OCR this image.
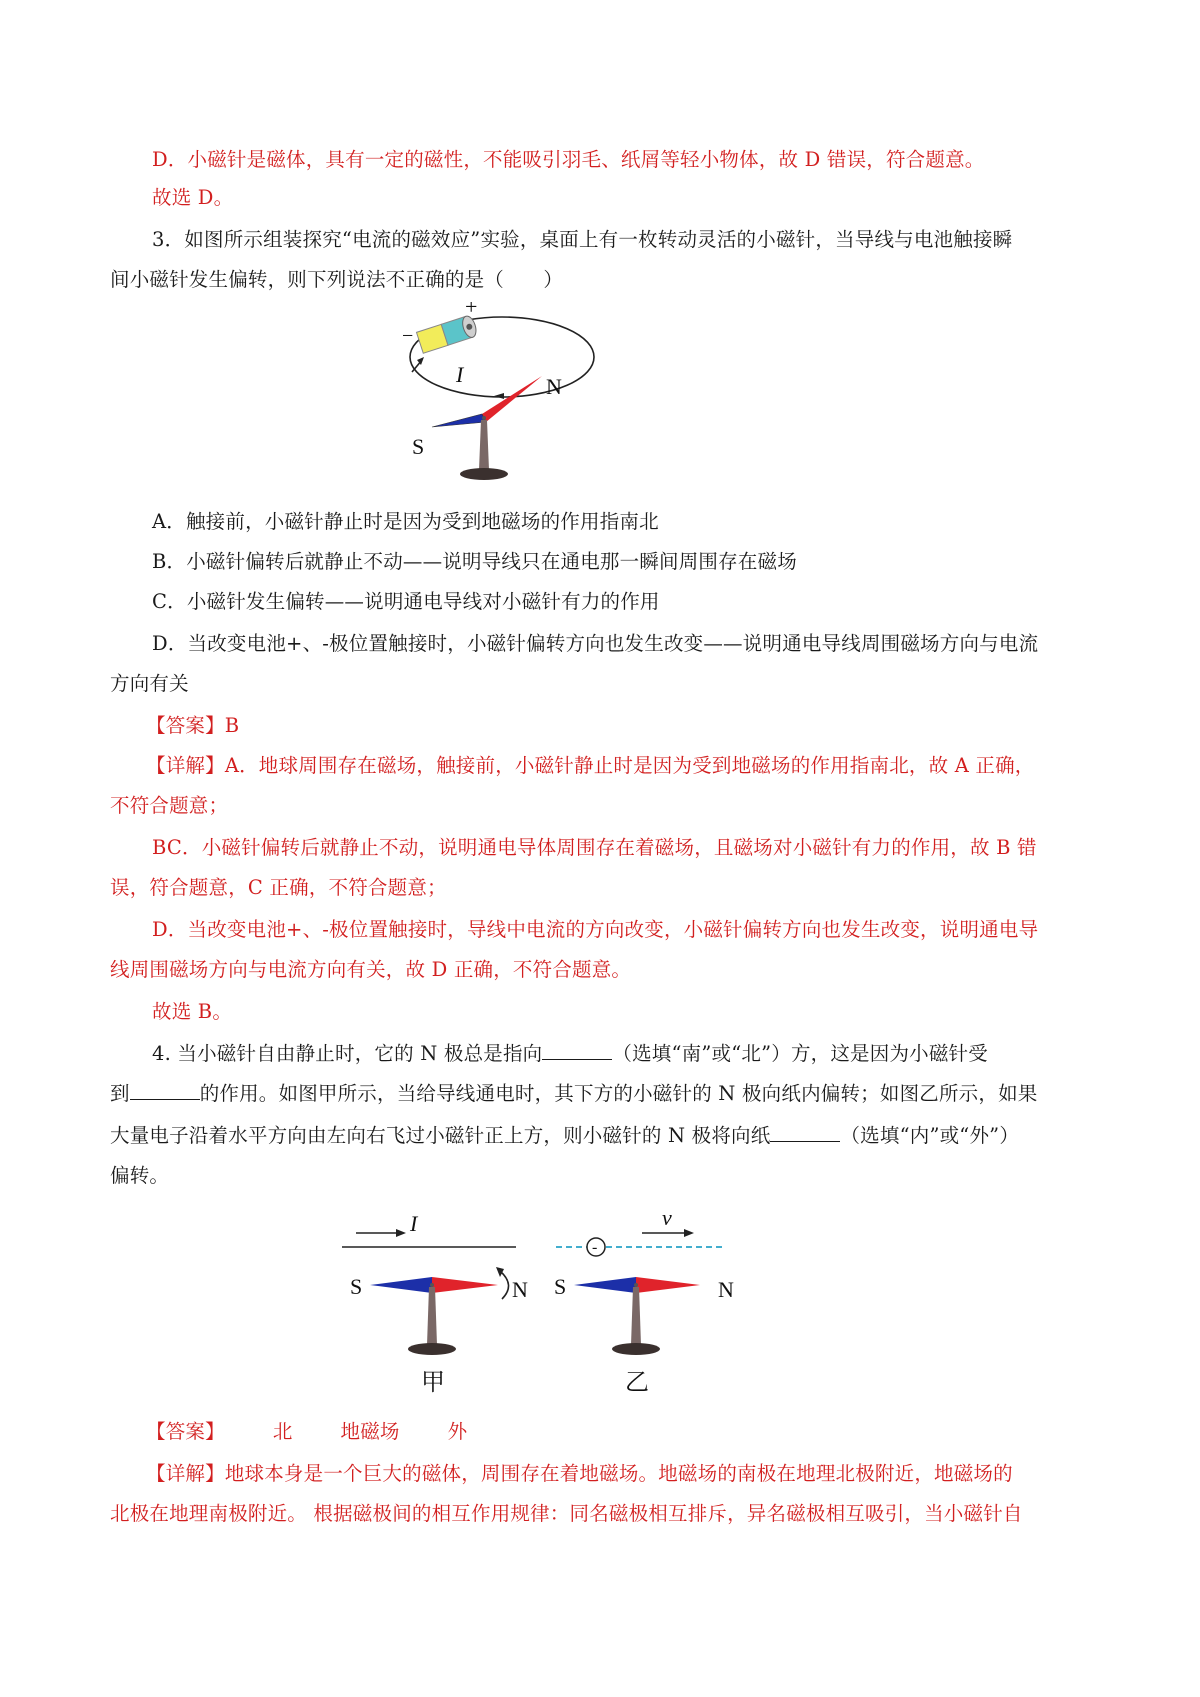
D．小磁针是磁体，具有一定的磁性，不能吸引羽毛、纸屑等轻小物体，故 D 错误，符合题意。
故选 D。
3．如图所示组装探究“电流的磁效应”实验，桌面上有一枚转动灵活的小磁针，当导线与电池触接瞬
间小磁针发生偏转，则下列说法不正确的是（　　）
+
−
I	N
S
A．触接前，小磁针静止时是因为受到地磁场的作用指南北
B．小磁针偏转后就静止不动——说明导线只在通电那一瞬间周围存在磁场
C．小磁针发生偏转——说明通电导线对小磁针有力的作用
D．当改变电池+、-极位置触接时，小磁针偏转方向也发生改变——说明通电导线周围磁场方向与电流
方向有关
【答案】B
【详解】A．地球周围存在磁场，触接前，小磁针静止时是因为受到地磁场的作用指南北，故 A 正确，
不符合题意；
BC．小磁针偏转后就静止不动，说明通电导体周围存在着磁场，且磁场对小磁针有力的作用，故 B 错
误，符合题意，C 正确，不符合题意；
D．当改变电池+、-极位置触接时，导线中电流的方向改变，小磁针偏转方向也发生改变，说明通电导
线周围磁场方向与电流方向有关，故 D 正确，不符合题意。
故选 B。
4. 当小磁针自由静止时，它的 N 极总是指向	（选填“南”或“北”）方，这是因为小磁针受
到	的作用。如图甲所示，当给导线通电时，其下方的小磁针的 N 极向纸内偏转；如图乙所示，如果
大量电子沿着水平方向由左向右飞过小磁针正上方，则小磁针的 N 极将向纸	（选填“内”或“外”）
偏转。
I
S	N
甲
-
v
S	N
乙
【答案】 北 地磁场 外
【详解】地球本身是一个巨大的磁体，周围存在着地磁场。地磁场的南极在地理北极附近，地磁场的
北极在地理南极附近。 根据磁极间的相互作用规律：同名磁极相互排斥，异名磁极相互吸引，当小磁针自
